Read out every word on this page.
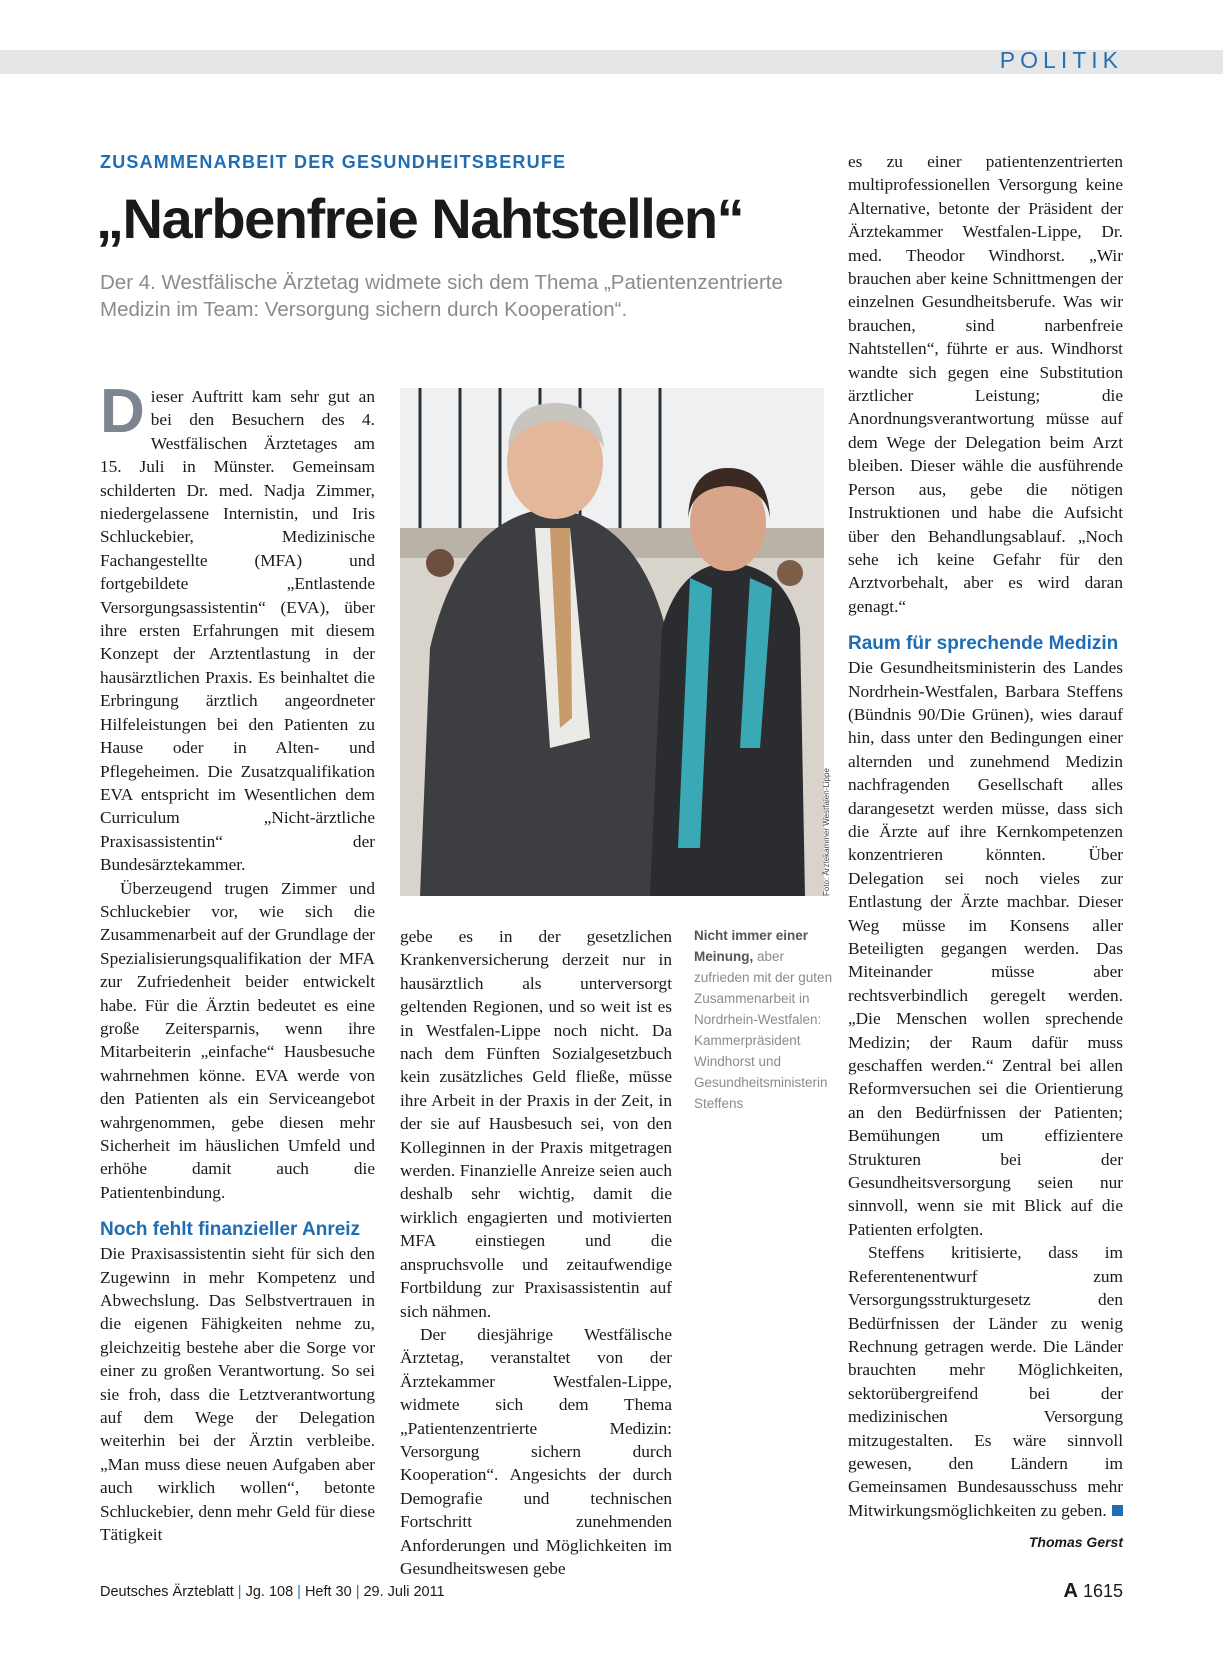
POLITIK
ZUSAMMENARBEIT DER GESUNDHEITSBERUFE
„Narbenfreie Nahtstellen“
Der 4. Westfälische Ärztetag widmete sich dem Thema „Patientenzentrierte Medizin im Team: Versorgung sichern durch Kooperation“.

Dieser Auftritt kam sehr gut an bei den Besuchern des 4. Westfälischen Ärztetages am 15. Juli in Münster. Gemeinsam schilderten Dr. med. Nadja Zimmer, niedergelassene Internistin, und Iris Schluckebier, Medizinische Fachangestellte (MFA) und fortgebildete „Entlastende Versorgungsassistentin“ (EVA), über ihre ersten Erfahrungen mit diesem Konzept der Arztentlastung in der hausärztlichen Praxis. Es beinhaltet die Erbringung ärztlich angeordneter Hilfeleistungen bei den Patienten zu Hause oder in Alten- und Pflegeheimen. Die Zusatzqualifikation EVA entspricht im Wesentlichen dem Curriculum „Nicht-ärztliche Praxisassistentin“ der Bundesärztekammer.

Überzeugend trugen Zimmer und Schluckebier vor, wie sich die Zusammenarbeit auf der Grundlage der Spezialisierungsqualifikation der MFA zur Zufriedenheit beider entwickelt habe. Für die Ärztin bedeutet es eine große Zeitersparnis, wenn ihre Mitarbeiterin „einfache“ Hausbesuche wahrnehmen könne. EVA werde von den Patienten als ein Serviceangebot wahrgenommen, gebe diesen mehr Sicherheit im häuslichen Umfeld und erhöhe damit auch die Patientenbindung.

Noch fehlt finanzieller Anreiz

Die Praxisassistentin sieht für sich den Zugewinn in mehr Kompetenz und Abwechslung. Das Selbstvertrauen in die eigenen Fähigkeiten nehme zu, gleichzeitig bestehe aber die Sorge vor einer zu großen Verantwortung. So sei sie froh, dass die Letztverantwortung auf dem Wege der Delegation weiterhin bei der Ärztin verbleibe. „Man muss diese neuen Aufgaben aber auch wirklich wollen“, betonte Schluckebier, denn mehr Geld für diese Tätigkeit

Foto: Ärztekammer Westfalen-Lippe
Nicht immer einer Meinung, aber zufrieden mit der guten Zusammenarbeit in Nordrhein-Westfalen: Kammerpräsident Windhorst und Gesundheitsministerin Steffens

gebe es in der gesetzlichen Krankenversicherung derzeit nur in hausärztlich als unterversorgt geltenden Regionen, und so weit ist es in Westfalen-Lippe noch nicht. Da nach dem Fünften Sozialgesetzbuch kein zusätzliches Geld fließe, müsse ihre Arbeit in der Praxis in der Zeit, in der sie auf Hausbesuch sei, von den Kolleginnen in der Praxis mitgetragen werden. Finanzielle Anreize seien auch deshalb sehr wichtig, damit die wirklich engagierten und motivierten MFA einstiegen und die anspruchsvolle und zeitaufwendige Fortbildung zur Praxisassistentin auf sich nähmen.

Der diesjährige Westfälische Ärztetag, veranstaltet von der Ärztekammer Westfalen-Lippe, widmete sich dem Thema „Patientenzentrierte Medizin: Versorgung sichern durch Kooperation“. Angesichts der durch Demografie und technischen Fortschritt zunehmenden Anforderungen und Möglichkeiten im Gesundheitswesen gebe

es zu einer patientenzentrierten multiprofessionellen Versorgung keine Alternative, betonte der Präsident der Ärztekammer Westfalen-Lippe, Dr. med. Theodor Windhorst. „Wir brauchen aber keine Schnittmengen der einzelnen Gesundheitsberufe. Was wir brauchen, sind narbenfreie Nahtstellen“, führte er aus. Windhorst wandte sich gegen eine Substitution ärztlicher Leistung; die Anordnungsverantwortung müsse auf dem Wege der Delegation beim Arzt bleiben. Dieser wähle die ausführende Person aus, gebe die nötigen Instruktionen und habe die Aufsicht über den Behandlungsablauf. „Noch sehe ich keine Gefahr für den Arztvorbehalt, aber es wird daran genagt.“

Raum für sprechende Medizin

Die Gesundheitsministerin des Landes Nordrhein-Westfalen, Barbara Steffens (Bündnis 90/Die Grünen), wies darauf hin, dass unter den Bedingungen einer alternden und zunehmend Medizin nachfragenden Gesellschaft alles darangesetzt werden müsse, dass sich die Ärzte auf ihre Kernkompetenzen konzentrieren könnten. Über Delegation sei noch vieles zur Entlastung der Ärzte machbar. Dieser Weg müsse im Konsens aller Beteiligten gegangen werden. Das Miteinander müsse aber rechtsverbindlich geregelt werden. „Die Menschen wollen sprechende Medizin; der Raum dafür muss geschaffen werden.“ Zentral bei allen Reformversuchen sei die Orientierung an den Bedürfnissen der Patienten; Bemühungen um effizientere Strukturen bei der Gesundheitsversorgung seien nur sinnvoll, wenn sie mit Blick auf die Patienten erfolgten.

Steffens kritisierte, dass im Referentenentwurf zum Versorgungsstrukturgesetz den Bedürfnissen der Länder zu wenig Rechnung getragen werde. Die Länder brauchten mehr Möglichkeiten, sektorübergreifend bei der medizinischen Versorgung mitzugestalten. Es wäre sinnvoll gewesen, den Ländern im Gemeinsamen Bundesausschuss mehr Mitwirkungsmöglichkeiten zu geben.

Thomas Gerst
Deutsches Ärzteblatt | Jg. 108 | Heft 30 | 29. Juli 2011	A 1615
